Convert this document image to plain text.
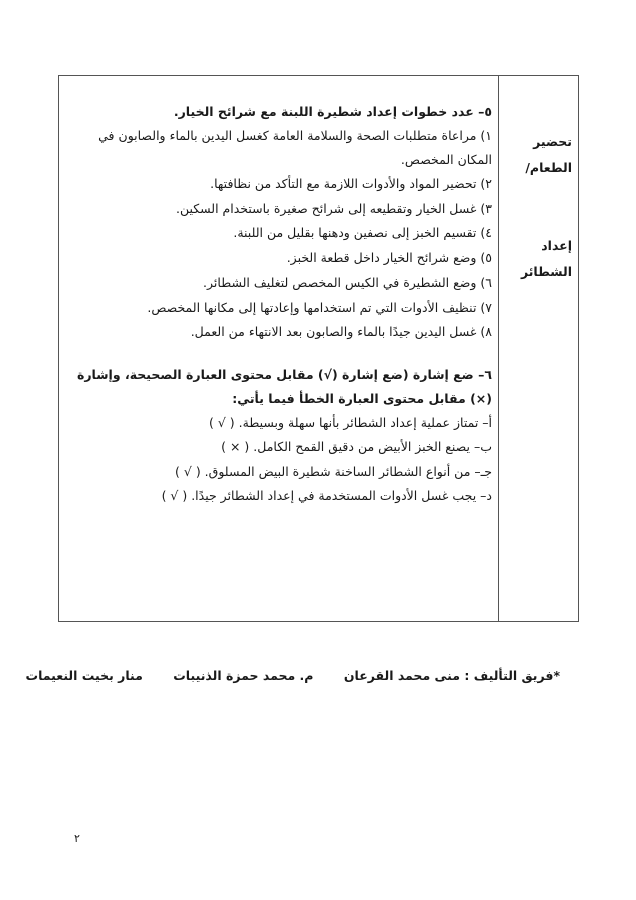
تحضير الطعام/
إعداد الشطائر
٥– عدد خطوات إعداد شطيرة اللبنة مع شرائح الخيار.
١) مراعاة متطلبات الصحة والسلامة العامة كغسل اليدين بالماء والصابون في المكان المخصص.
٢) تحضير المواد والأدوات اللازمة مع التأكد من نظافتها.
٣) غسل الخيار وتقطيعه إلى شرائح صغيرة باستخدام السكين.
٤) تقسيم الخبز إلى نصفين ودهنها بقليل من اللبنة.
٥) وضع شرائح الخيار داخل قطعة الخبز.
٦) وضع الشطيرة في الكيس المخصص لتغليف الشطائر.
٧) تنظيف الأدوات التي تم استخدامها وإعادتها إلى مكانها المخصص.
٨) غسل اليدين جيدًا بالماء والصابون بعد الانتهاء من العمل.
٦– ضع إشارة (ضع إشارة (√) مقابل محتوى العبارة الصحيحة، وإشارة (×) مقابل محتوى العبارة الخطأ فيما يأتي:
أ– تمتاز عملية إعداد الشطائر بأنها سهلة وبسيطة. ( √ )
ب– يصنع الخبز الأبيض من دقيق القمح الكامل. ( × )
جـ– من أنواع الشطائر الساخنة شطيرة البيض المسلوق. ( √ )
د– يجب غسل الأدوات المستخدمة في إعداد الشطائر جيدًا. ( √ )
*فريق التأليف : منى محمد القرعان م. محمد حمزة الذنيبات منار بخيت النعيمات
٢
